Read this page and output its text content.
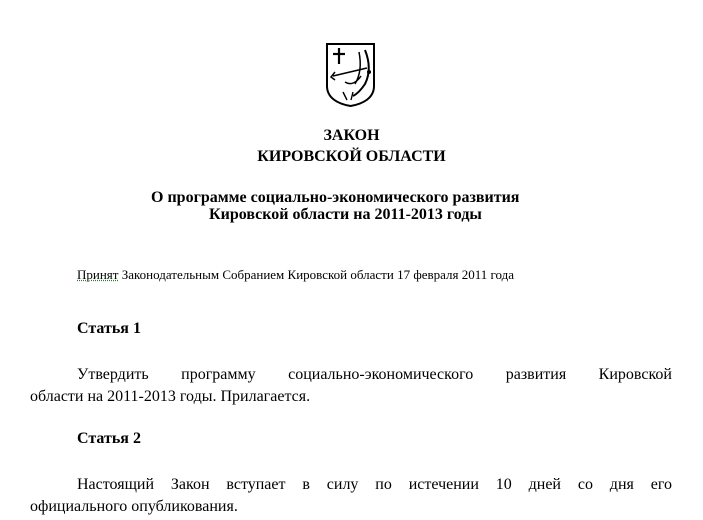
ЗАКОН
КИРОВСКОЙ ОБЛАСТИ
О программе социально-экономического развития
Кировской области на 2011-2013 годы
Принят Законодательным Собранием Кировской области 17 февраля 2011 года
Статья 1
Утвердить программу социально-экономического развития Кировской
области на 2011-2013 годы. Прилагается.
Статья 2
Настоящий Закон вступает в силу по истечении 10 дней со дня его
официального опубликования.
